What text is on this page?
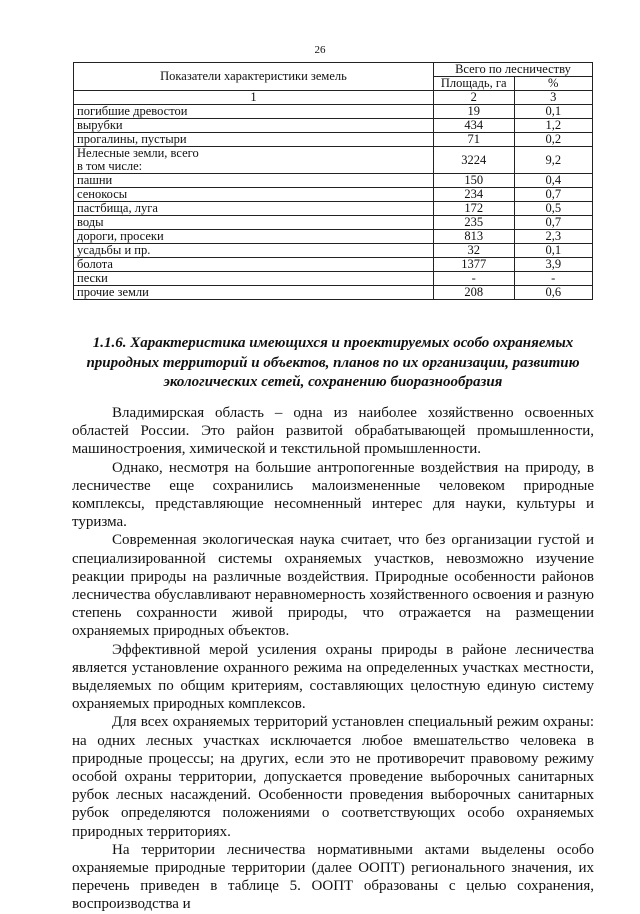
26
Показатели характеристики земель	Всего по лесничеству	
	Площадь, га	%
1	2	3
погибшие древостои	19	0,1
вырубки	434	1,2
прогалины, пустыри	71	0,2
Нелесные земли, всего
в том числе:	3224	9,2
пашни	150	0,4
сенокосы	234	0,7
пастбища, луга	172	0,5
воды	235	0,7
дороги, просеки	813	2,3
усадьбы и пр.	32	0,1
болота	1377	3,9
пески	-	-
прочие земли	208	0,6
1.1.6. Характеристика имеющихся и проектируемых особо охраняемых природных территорий и объектов, планов по их организации, развитию экологических сетей, сохранению биоразнообразия

Владимирская область – одна из наиболее хозяйственно освоенных областей России. Это район развитой обрабатывающей промышленности, машиностроения, химической и текстильной промышленности.

Однако, несмотря на большие антропогенные воздействия на природу, в лесничестве еще сохранились малоизмененные человеком природные комплексы, представляющие несомненный интерес для науки, культуры и туризма.

Современная экологическая наука считает, что без организации густой и специализированной системы охраняемых участков, невозможно изучение реакции природы на различные воздействия. Природные особенности районов лесничества обуславливают неравномерность хозяйственного освоения и разную степень сохранности живой природы, что отражается на размещении охраняемых природных объектов.

Эффективной мерой усиления охраны природы в районе лесничества является установление охранного режима на определенных участках местности, выделяемых по общим критериям, составляющих целостную единую систему охраняемых природных комплексов.

Для всех охраняемых территорий установлен специальный режим охраны: на одних лесных участках исключается любое вмешательство человека в природные процессы; на других, если это не противоречит правовому режиму особой охраны территории, допускается проведение выборочных санитарных рубок лесных насаждений. Особенности проведения выборочных санитарных рубок определяются положениями о соответствующих особо охраняемых природных территориях.

На территории лесничества нормативными актами выделены особо охраняемые природные территории (далее ООПТ) регионального значения, их перечень приведен в таблице 5. ООПТ образованы с целью сохранения, воспроизводства и
